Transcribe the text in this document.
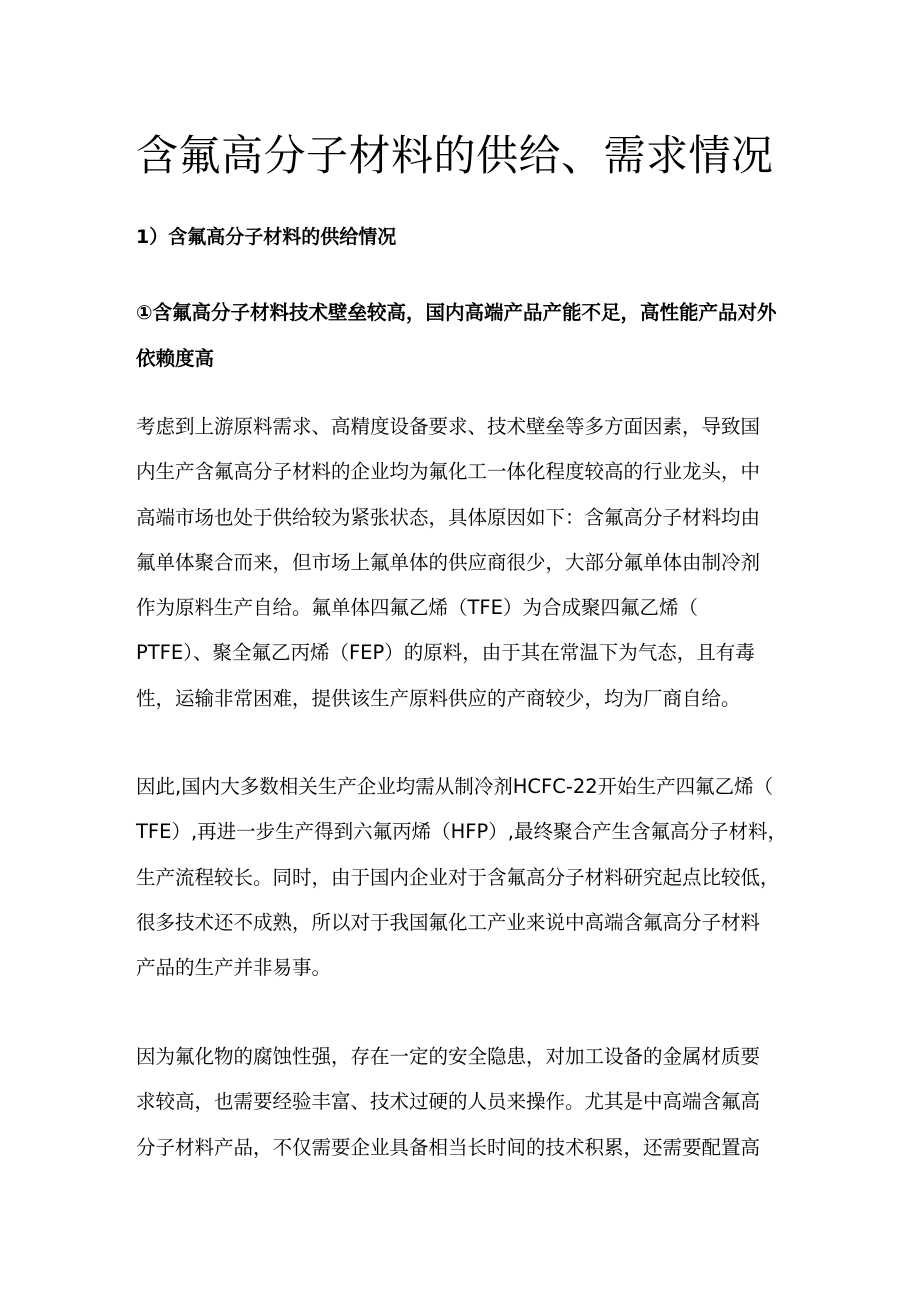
含氟高分子材料的供给、需求情况
1）含氟高分子材料的供给情况
①含氟高分子材料技术壁垒较高，国内高端产品产能不足，高性能产品对外依赖度高
考虑到上游原料需求、高精度设备要求、技术壁垒等多方面因素，导致国
内生产含氟高分子材料的企业均为氟化工一体化程度较高的行业龙头，中
高端市场也处于供给较为紧张状态，具体原因如下：含氟高分子材料均由
氟单体聚合而来，但市场上氟单体的供应商很少，大部分氟单体由制冷剂
作为原料生产自给。氟单体四氟乙烯（TFE）为合成聚四氟乙烯（
PTFE）、聚全氟乙丙烯（FEP）的原料，由于其在常温下为气态，且有毒
性，运输非常困难，提供该生产原料供应的产商较少，均为厂商自给。
因此,国内大多数相关生产企业均需从制冷剂HCFC-22开始生产四氟乙烯（
TFE）,再进一步生产得到六氟丙烯（HFP）,最终聚合产生含氟高分子材料，
生产流程较长。同时，由于国内企业对于含氟高分子材料研究起点比较低，
很多技术还不成熟，所以对于我国氟化工产业来说中高端含氟高分子材料
产品的生产并非易事。
因为氟化物的腐蚀性强，存在一定的安全隐患，对加工设备的金属材质要
求较高，也需要经验丰富、技术过硬的人员来操作。尤其是中高端含氟高
分子材料产品，不仅需要企业具备相当长时间的技术积累，还需要配置高
